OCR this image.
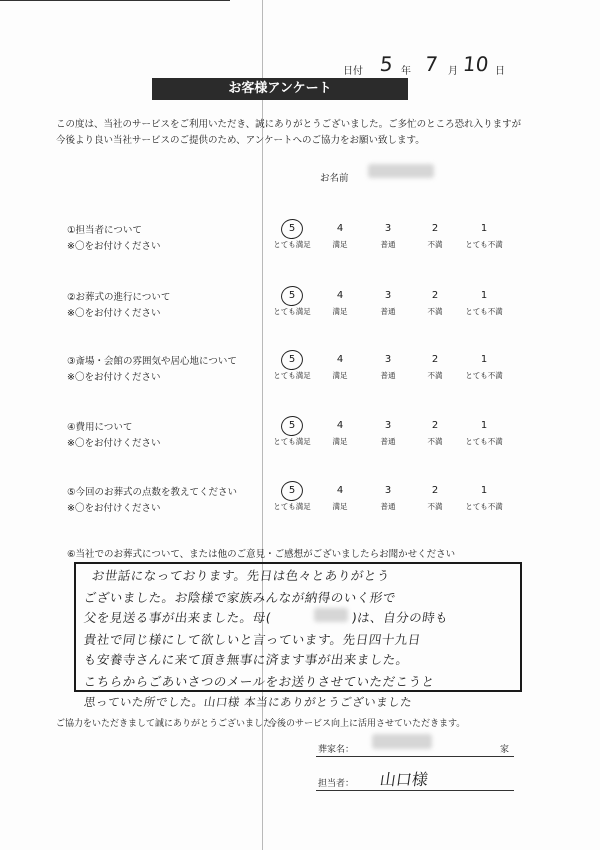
日付 5 年 7 月 10 日
お客様アンケート
この度は、当社のサービスをご利用いただき、誠にありがとうございました。ご多忙のところ恐れ入りますが
今後より良い当社サービスのご提供のため、アンケートへのご協力をお願い致します。
お名前
①担当者について
※〇をお付けください
5
とても満足
4
満足
3
普通
2
不満
1
とても不満
②お葬式の進行について
※〇をお付けください
5
とても満足
4
満足
3
普通
2
不満
1
とても不満
③斎場・会館の雰囲気や居心地について
※〇をお付けください
5
とても満足
4
満足
3
普通
2
不満
1
とても不満
④費用について
※〇をお付けください
5
とても満足
4
満足
3
普通
2
不満
1
とても不満
⑤今回のお葬式の点数を教えてください
※〇をお付けください
5
とても満足
4
満足
3
普通
2
不満
1
とても不満
⑥当社でのお葬式について、または他のご意見・ご感想がございましたらお聞かせください
お世話になっております。先日は色々とありがとう
ございました。お陰様で家族みんなが納得のいく形で
父を見送る事が出来ました。母(	)は、自分の時も
貴社で同じ様にして欲しいと言っています。先日四十九日
も安養寺さんに来て頂き無事に済ます事が出来ました。
こちらからごあいさつのメールをお送りさせていただこうと
思っていた所でした。山口様 本当にありがとうございました
ご協力をいただきまして誠にありがとうございました。
今後のサービス向上に活用させていただきます。
葬家名：	家
担当者： 山口様
